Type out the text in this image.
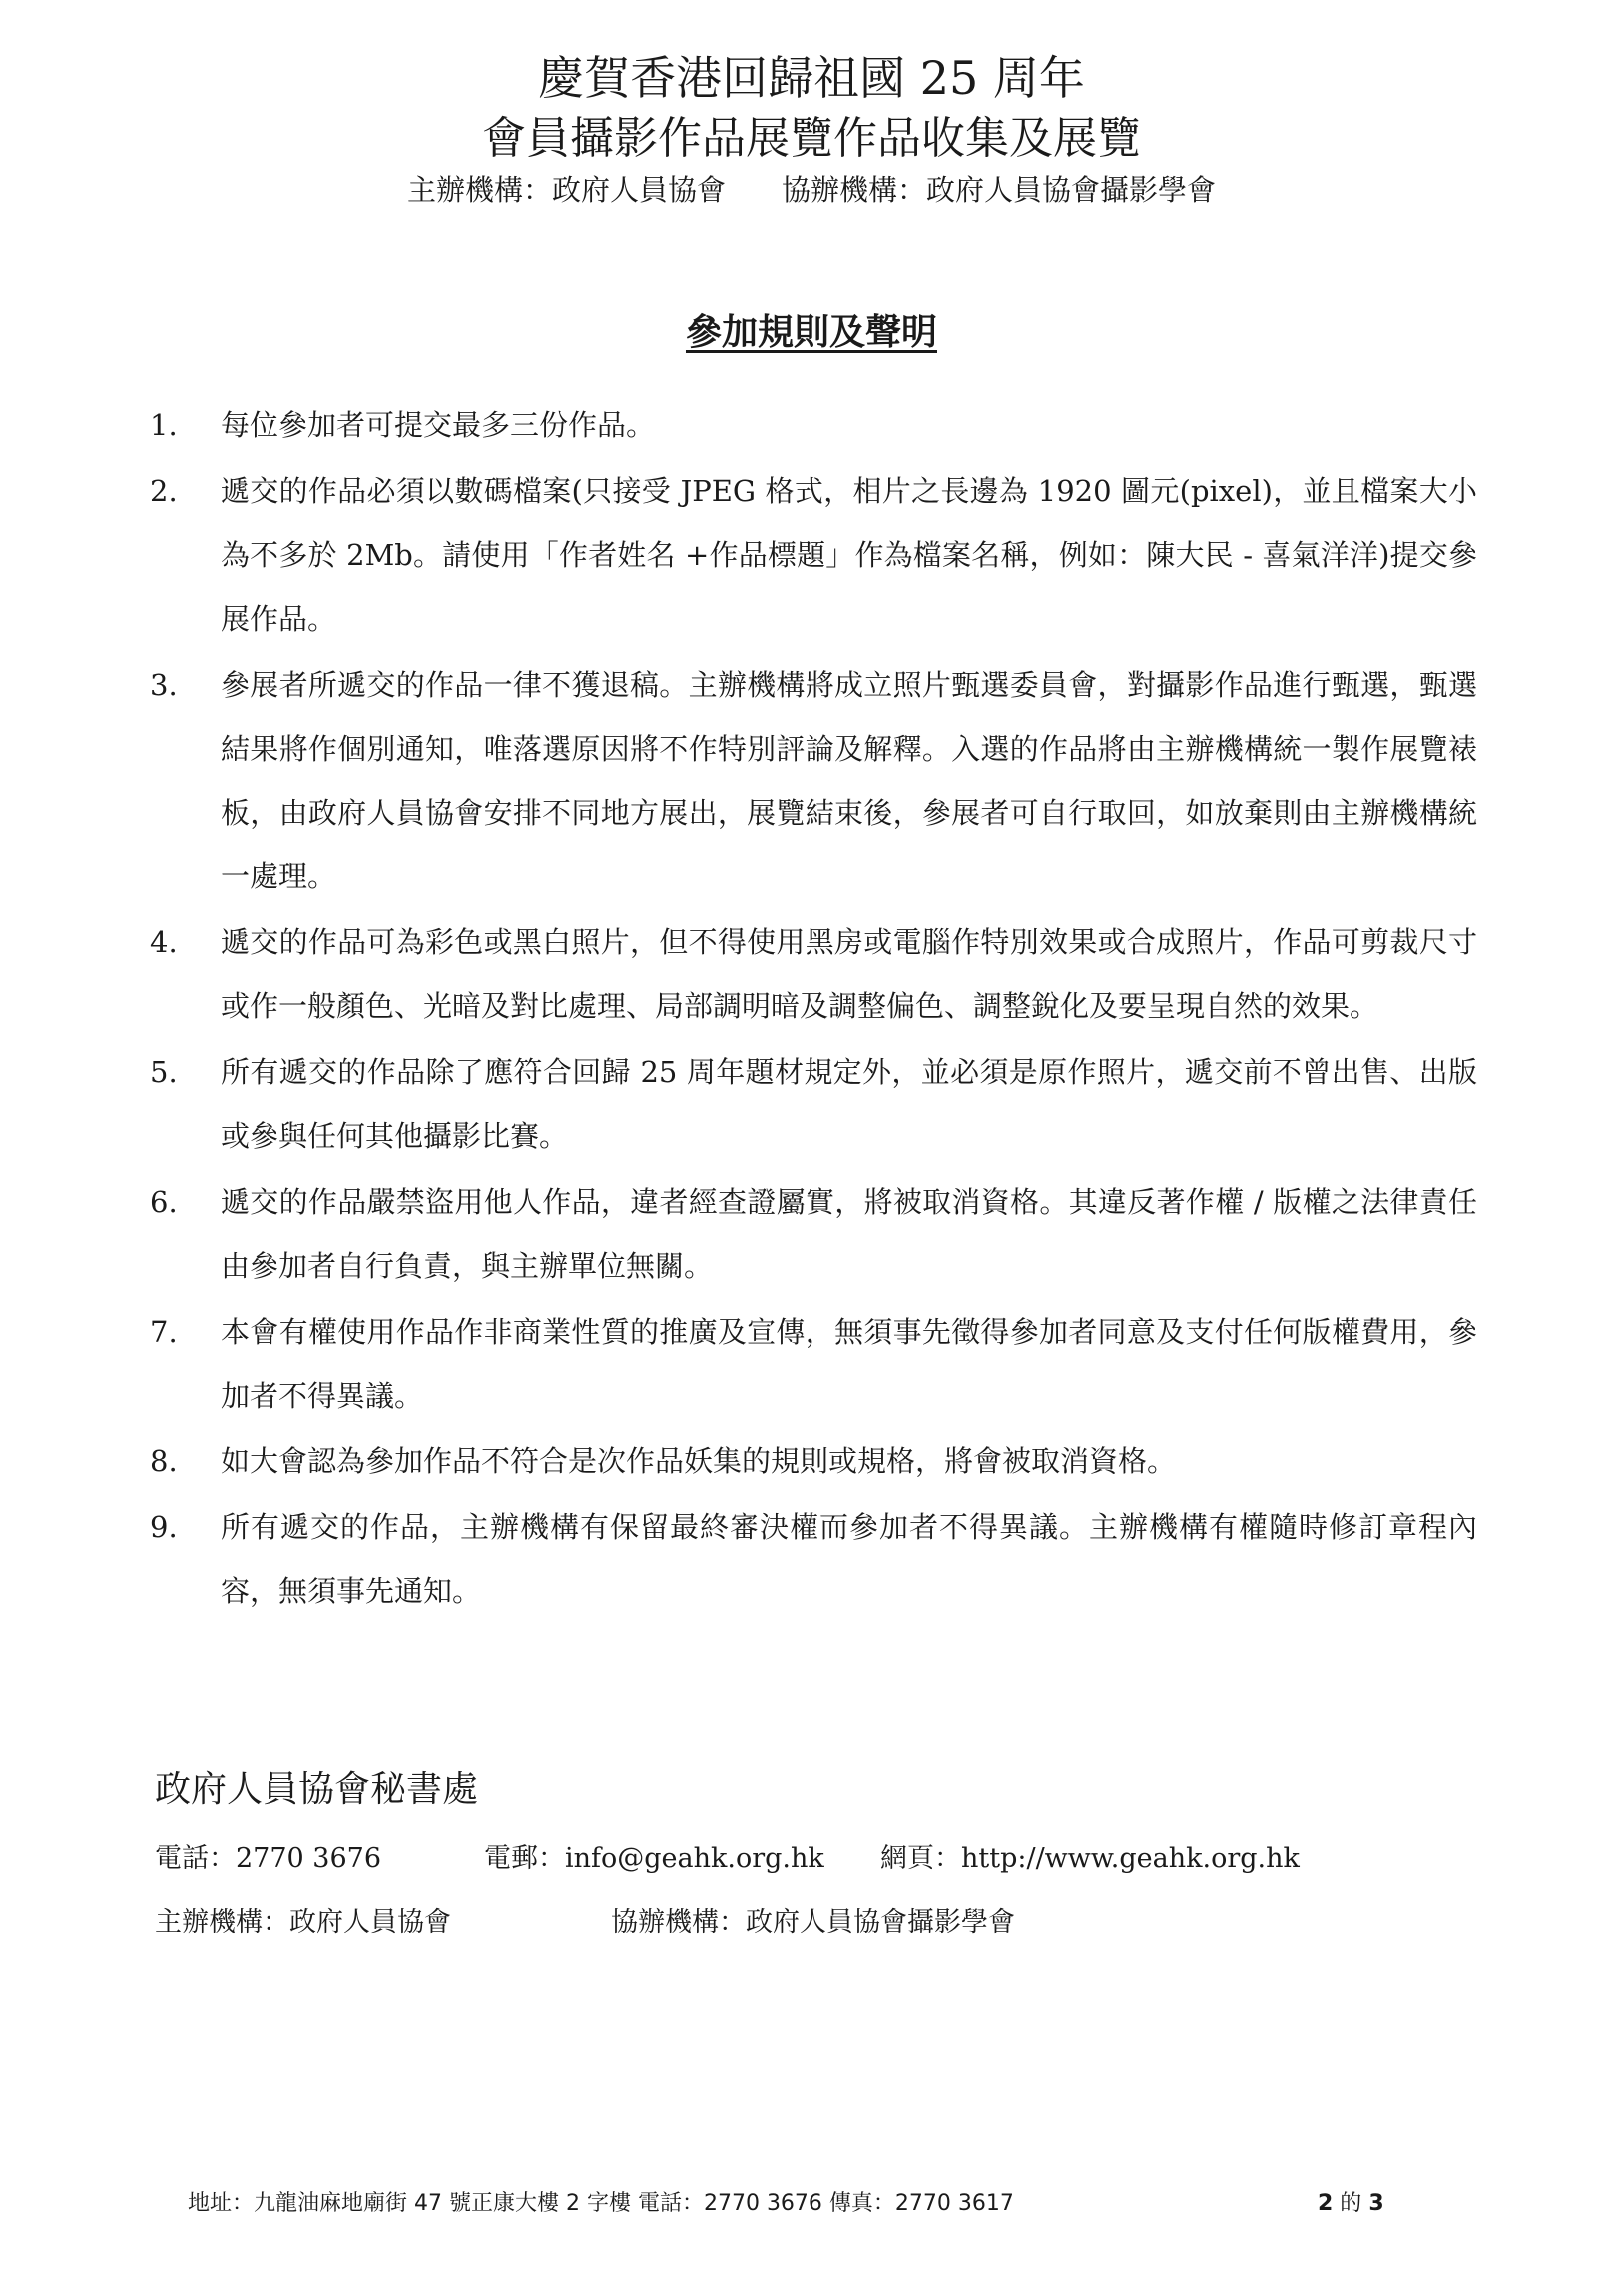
慶賀香港回歸祖國 25 周年
會員攝影作品展覽作品收集及展覽
主辦機構：政府人員協會 協辦機構：政府人員協會攝影學會
參加規則及聲明
1.	每位參加者可提交最多三份作品。
2.	遞交的作品必須以數碼檔案(只接受 JPEG 格式，相片之長邊為 1920 圖元(pixel)，並且檔案大小為不多於 2Mb。請使用「作者姓名 +作品標題」作為檔案名稱，例如：陳大民 - 喜氣洋洋)提交參展作品。
3.	參展者所遞交的作品一律不獲退稿。主辦機構將成立照片甄選委員會，對攝影作品進行甄選，甄選結果將作個別通知，唯落選原因將不作特別評論及解釋。入選的作品將由主辦機構統一製作展覽裱板，由政府人員協會安排不同地方展出，展覽結束後，參展者可自行取回，如放棄則由主辦機構統一處理。
4.	遞交的作品可為彩色或黑白照片，但不得使用黑房或電腦作特別效果或合成照片，作品可剪裁尺寸或作一般顏色、光暗及對比處理、局部調明暗及調整偏色、調整銳化及要呈現自然的效果。
5.	所有遞交的作品除了應符合回歸 25 周年題材規定外，並必須是原作照片，遞交前不曾出售、出版或參與任何其他攝影比賽。
6.	遞交的作品嚴禁盜用他人作品，違者經查證屬實，將被取消資格。其違反著作權 / 版權之法律責任由參加者自行負責，與主辦單位無關。
7.	本會有權使用作品作非商業性質的推廣及宣傳，無須事先徵得參加者同意及支付任何版權費用，參加者不得異議。
8.	如大會認為參加作品不符合是次作品妖集的規則或規格，將會被取消資格。
9.	所有遞交的作品，主辦機構有保留最終審決權而參加者不得異議。主辦機構有權隨時修訂章程內容，無須事先通知。
政府人員協會秘書處
電話：2770 3676	電郵：info@geahk.org.hk 網頁：http://www.geahk.org.hk
主辦機構：政府人員協會	協辦機構：政府人員協會攝影學會
地址：九龍油麻地廟街 47 號正康大樓 2 字樓 電話：2770 3676 傳真：2770 3617	2 的 3
